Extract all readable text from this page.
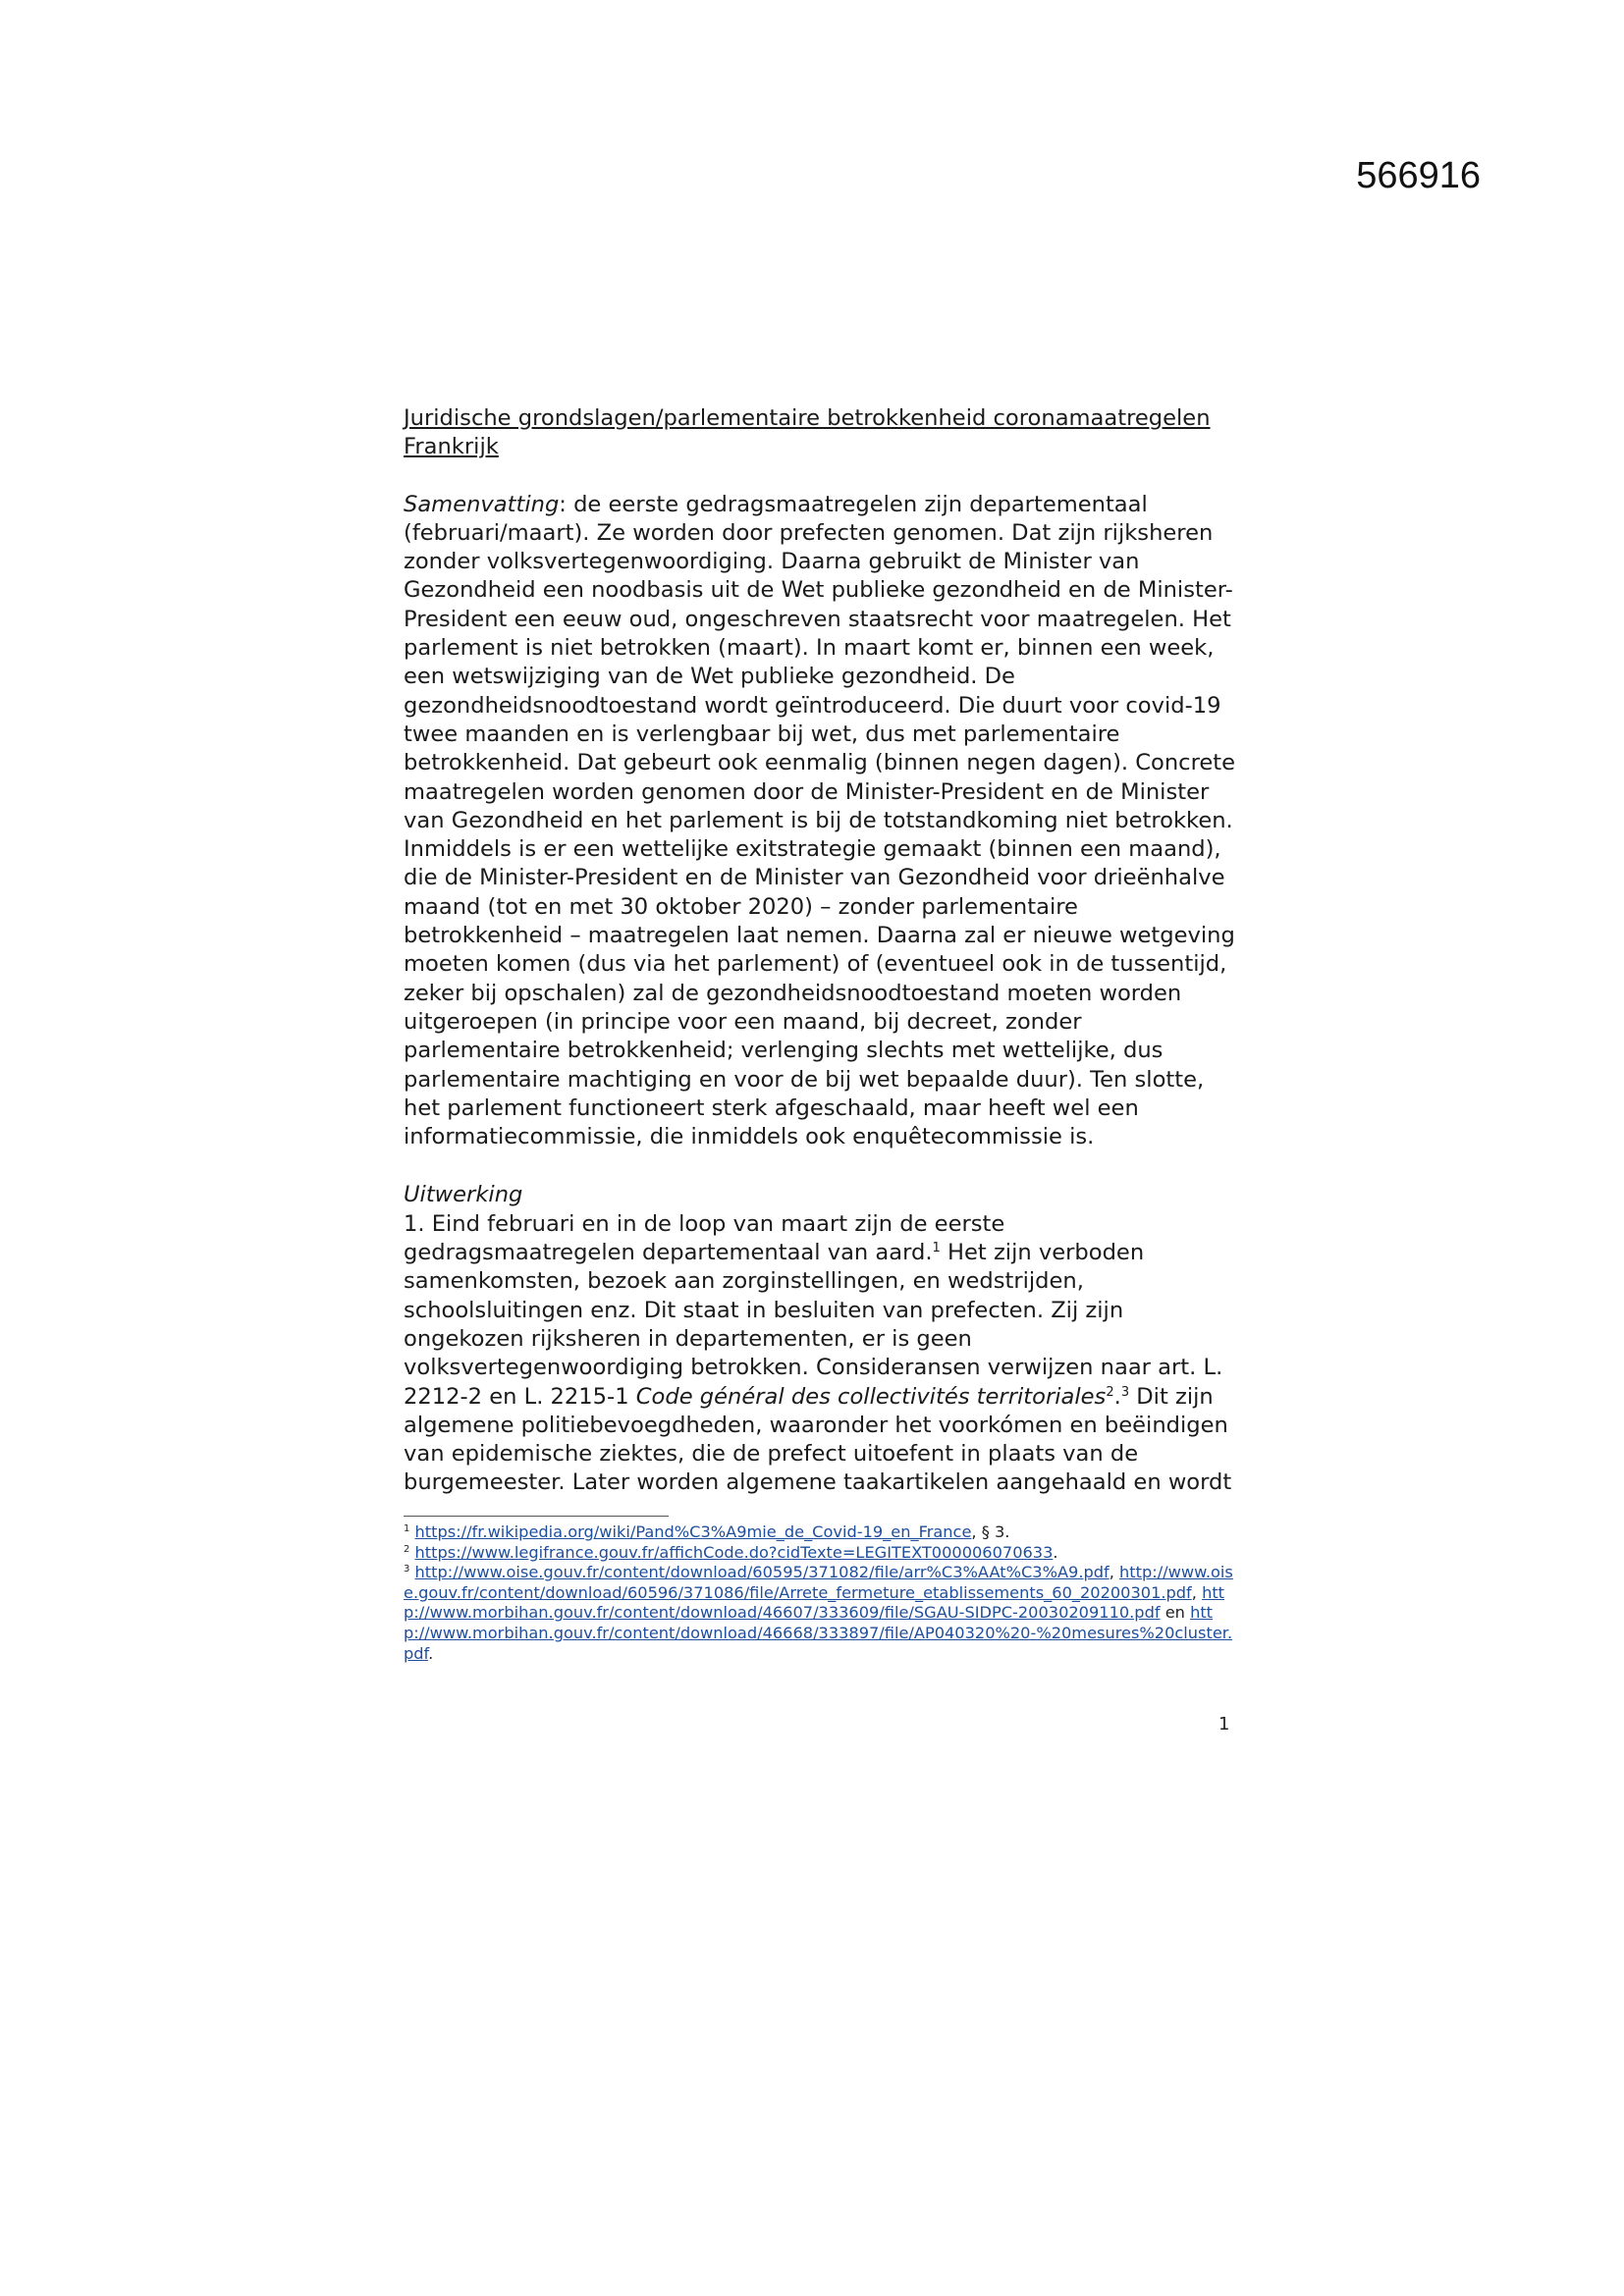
566916
Juridische grondslagen/parlementaire betrokkenheid coronamaatregelen
Frankrijk

Samenvatting: de eerste gedragsmaatregelen zijn departementaal (februari/maart). Ze worden door prefecten genomen. Dat zijn rijksheren zonder volksvertegenwoordiging. Daarna gebruikt de Minister van Gezondheid een noodbasis uit de Wet publieke gezondheid en de Minister-President een eeuw oud, ongeschreven staatsrecht voor maatregelen. Het parlement is niet betrokken (maart). In maart komt er, binnen een week, een wetswijziging van de Wet publieke gezondheid. De gezondheidsnoodtoestand wordt geïntroduceerd. Die duurt voor covid-19 twee maanden en is verlengbaar bij wet, dus met parlementaire betrokkenheid. Dat gebeurt ook eenmalig (binnen negen dagen). Concrete maatregelen worden genomen door de Minister-President en de Minister van Gezondheid en het parlement is bij de totstandkoming niet betrokken. Inmiddels is er een wettelijke exitstrategie gemaakt (binnen een maand), die de Minister-President en de Minister van Gezondheid voor drieënhalve maand (tot en met 30 oktober 2020) – zonder parlementaire betrokkenheid – maatregelen laat nemen. Daarna zal er nieuwe wetgeving moeten komen (dus via het parlement) of (eventueel ook in de tussentijd, zeker bij opschalen) zal de gezondheidsnoodtoestand moeten worden uitgeroepen (in principe voor een maand, bij decreet, zonder parlementaire betrokkenheid; verlenging slechts met wettelijke, dus parlementaire machtiging en voor de bij wet bepaalde duur). Ten slotte, het parlement functioneert sterk afgeschaald, maar heeft wel een informatiecommissie, die inmiddels ook enquêtecommissie is.

Uitwerking

1. Eind februari en in de loop van maart zijn de eerste gedragsmaatregelen departementaal van aard.$^1$ Het zijn verboden samenkomsten, bezoek aan zorginstellingen, en wedstrijden, schoolsluitingen enz. Dit staat in besluiten van prefecten. Zij zijn ongekozen rijksheren in departementen, er is geen volksvertegenwoordiging betrokken. Consideransen verwijzen naar art. L. 2212-2 en L. 2215-1 Code général des collectivités territoriales$^2$.$^3$ Dit zijn algemene politiebevoegdheden, waaronder het voorkómen en beëindigen van epidemische ziektes, die de prefect uitoefent in plaats van de burgemeester. Later worden algemene taakartikelen aangehaald en wordt

$^1$ https://fr.wikipedia.org/wiki/Pand%C3%A9mie_de_Covid-19_en_France, § 3.

$^2$ https://www.legifrance.gouv.fr/affichCode.do?cidTexte=LEGITEXT000006070633.

$^3$ http://www.oise.gouv.fr/content/download/60595/371082/file/arr%C3%AAt%C3%A9.pdf, http://www.oise.gouv.fr/content/download/60596/371086/file/Arrete_fermeture_etablissements_60_20200301.pdf, http://www.morbihan.gouv.fr/content/download/46607/333609/file/SGAU-SIDPC-20030209110.pdf en http://www.morbihan.gouv.fr/content/download/46668/333897/file/AP040320%20-%20mesures%20cluster.pdf.

1
